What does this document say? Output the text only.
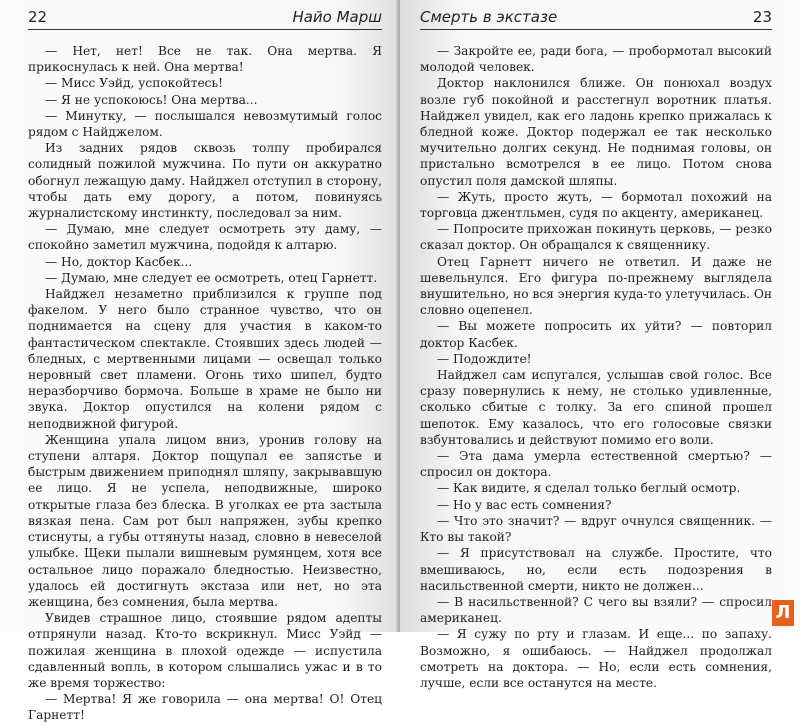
22	Найо Марш

— Нет, нет! Все не так. Она мертва. Я прикоснулась к ней. Она мертва!

— Мисс Уэйд, успокойтесь!

— Я не успокоюсь! Она мертва...

— Минутку, — послышался невозмутимый голос рядом с Найджелом.

Из задних рядов сквозь толпу пробирался солидный пожилой мужчина. По пути он аккуратно обогнул лежащую даму. Найджел отступил в сторону, чтобы дать ему дорогу, а потом, повинуясь журналистскому инстинкту, последовал за ним.

— Думаю, мне следует осмотреть эту даму, — спокойно заметил мужчина, подойдя к алтарю.

— Но, доктор Касбек...

— Думаю, мне следует ее осмотреть, отец Гарнетт.

Найджел незаметно приблизился к группе под факелом. У него было странное чувство, что он поднимается на сцену для участия в каком-то фантастическом спектакле. Стоявших здесь людей — бледных, с мертвенными лицами — освещал только неровный свет пламени. Огонь тихо шипел, будто неразборчиво бормоча. Больше в храме не было ни звука. Доктор опустился на колени рядом с неподвижной фигурой.

Женщина упала лицом вниз, уронив голову на ступени алтаря. Доктор пощупал ее запястье и быстрым движением приподнял шляпу, закрывавшую ее лицо. Я не успела, неподвижные, широко открытые глаза без блеска. В уголках ее рта застыла вязкая пена. Сам рот был напряжен, зубы крепко стиснуты, а губы оттянуты назад, словно в невеселой улыбке. Щеки пылали вишневым румянцем, хотя все остальное лицо поражало бледностью. Неизвестно, удалось ей достигнуть экстаза или нет, но эта женщина, без сомнения, была мертва.

Увидев страшное лицо, стоявшие рядом адепты отпрянули назад. Кто-то вскрикнул. Мисс Уэйд — пожилая женщина в плохой одежде — испустила сдавленный вопль, в котором слышались ужас и в то же время торжество:

— Мертва! Я же говорила — она мертва! О! Отец Гарнетт!

Смерть в экстазе	23

— Закройте ее, ради бога, — пробормотал высокий молодой человек.

Доктор наклонился ближе. Он понюхал воздух возле губ покойной и расстегнул воротник платья. Найджел увидел, как его ладонь крепко прижалась к бледной коже. Доктор подержал ее так несколько мучительно долгих секунд. Не поднимая головы, он пристально всмотрелся в ее лицо. Потом снова опустил поля дамской шляпы.

— Жуть, просто жуть, — бормотал похожий на торговца джентльмен, судя по акценту, американец.

— Попросите прихожан покинуть церковь, — резко сказал доктор. Он обращался к священнику.

Отец Гарнетт ничего не ответил. И даже не шевельнулся. Его фигура по-прежнему выглядела внушительно, но вся энергия куда-то улетучилась. Он словно оцепенел.

— Вы можете попросить их уйти? — повторил доктор Касбек.

— Подождите!

Найджел сам испугался, услышав свой голос. Все сразу повернулись к нему, не столько удивленные, сколько сбитые с толку. За его спиной прошел шепоток. Ему казалось, что его голосовые связки взбунтовались и действуют помимо его воли.

— Эта дама умерла естественной смертью? — спросил он доктора.

— Как видите, я сделал только беглый осмотр.

— Но у вас есть сомнения?

— Что это значит? — вдруг очнулся священник. — Кто вы такой?

— Я присутствовал на службе. Простите, что вмешиваюсь, но, если есть подозрения в насильственной смерти, никто не должен...

— В насильственной? С чего вы взяли? — спросил американец.

— Я сужу по рту и глазам. И еще... по запаху. Возможно, я ошибаюсь. — Найджел продолжал смотреть на доктора. — Но, если есть сомнения, лучше, если все останутся на месте.

Л
